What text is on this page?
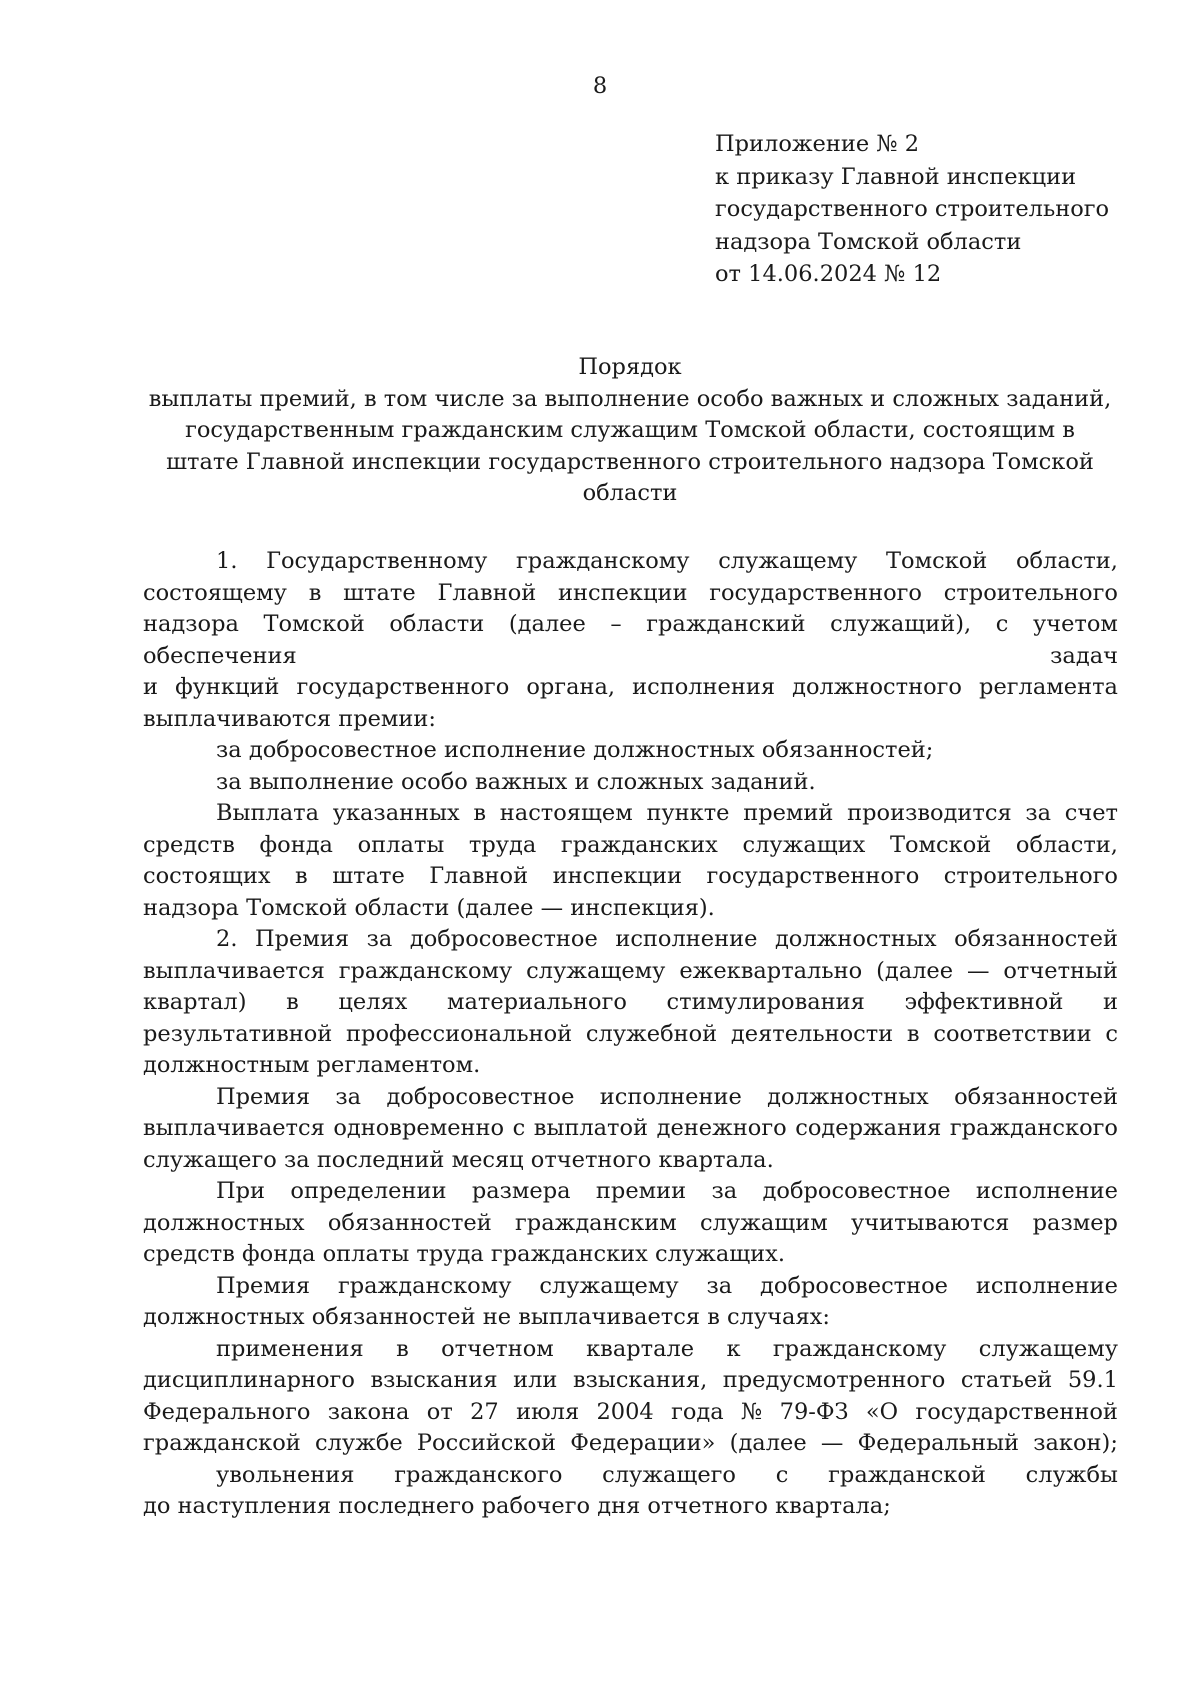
8
Приложение № 2
к приказу Главной инспекции
государственного строительного
надзора Томской области
от 14.06.2024 № 12
Порядок
выплаты премий, в том числе за выполнение особо важных и сложных заданий,
государственным гражданским служащим Томской области, состоящим в
штате Главной инспекции государственного строительного надзора Томской
области
1. Государственному гражданскому служащему Томской области,
состоящему в штате Главной инспекции государственного строительного
надзора Томской области (далее – гражданский служащий), с учетом
обеспечения	задач
и функций государственного органа, исполнения должностного регламента
выплачиваются премии:
за добросовестное исполнение должностных обязанностей;
за выполнение особо важных и сложных заданий.
Выплата указанных в настоящем пункте премий производится за счет
средств фонда оплаты труда гражданских служащих Томской области,
состоящих в штате Главной инспекции государственного строительного
надзора Томской области (далее — инспекция).
2. Премия за добросовестное исполнение должностных обязанностей
выплачивается гражданскому служащему ежеквартально (далее — отчетный
квартал) в целях материального стимулирования эффективной и
результативной профессиональной служебной деятельности в соответствии с
должностным регламентом.
Премия за добросовестное исполнение должностных обязанностей
выплачивается одновременно с выплатой денежного содержания гражданского
служащего за последний месяц отчетного квартала.
При определении размера премии за добросовестное исполнение
должностных обязанностей гражданским служащим учитываются размер
средств фонда оплаты труда гражданских служащих.
Премия гражданскому служащему за добросовестное исполнение
должностных обязанностей не выплачивается в случаях:
применения в отчетном квартале к гражданскому служащему
дисциплинарного взыскания или взыскания, предусмотренного статьей 59.1
Федерального закона от 27 июля 2004 года № 79-ФЗ «О государственной
гражданской службе Российской Федерации» (далее — Федеральный закон);
увольнения гражданского служащего с гражданской службы
до наступления последнего рабочего дня отчетного квартала;
